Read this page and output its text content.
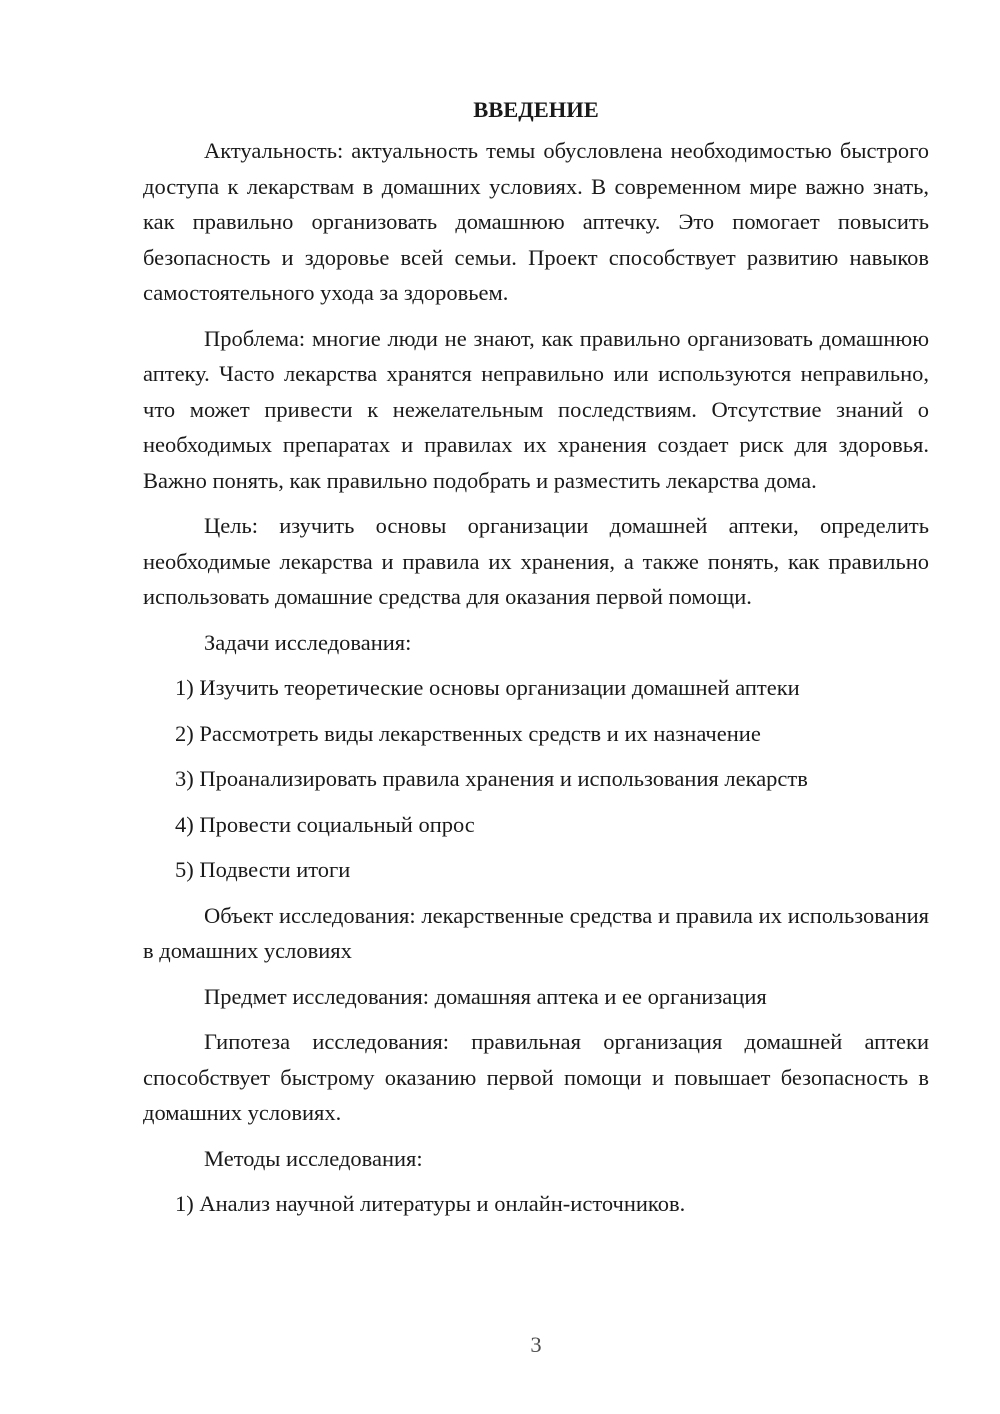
ВВЕДЕНИЕ

Актуальность: актуальность темы обусловлена необходимостью быстрого доступа к лекарствам в домашних условиях. В современном мире важно знать, как правильно организовать домашнюю аптечку. Это помогает повысить безопасность и здоровье всей семьи. Проект способствует развитию навыков самостоятельного ухода за здоровьем.

Проблема: многие люди не знают, как правильно организовать домашнюю аптеку. Часто лекарства хранятся неправильно или используются неправильно, что может привести к нежелательным последствиям. Отсутствие знаний о необходимых препаратах и правилах их хранения создает риск для здоровья. Важно понять, как правильно подобрать и разместить лекарства дома.

Цель: изучить основы организации домашней аптеки, определить необходимые лекарства и правила их хранения, а также понять, как правильно использовать домашние средства для оказания первой помощи.

Задачи исследования:

1) Изучить теоретические основы организации домашней аптеки

2) Рассмотреть виды лекарственных средств и их назначение

3) Проанализировать правила хранения и использования лекарств

4) Провести социальный опрос

5) Подвести итоги

Объект исследования: лекарственные средства и правила их использования в домашних условиях

Предмет исследования: домашняя аптека и ее организация

Гипотеза исследования: правильная организация домашней аптеки способствует быстрому оказанию первой помощи и повышает безопасность в домашних условиях.

Методы исследования:

1) Анализ научной литературы и онлайн-источников.

3
